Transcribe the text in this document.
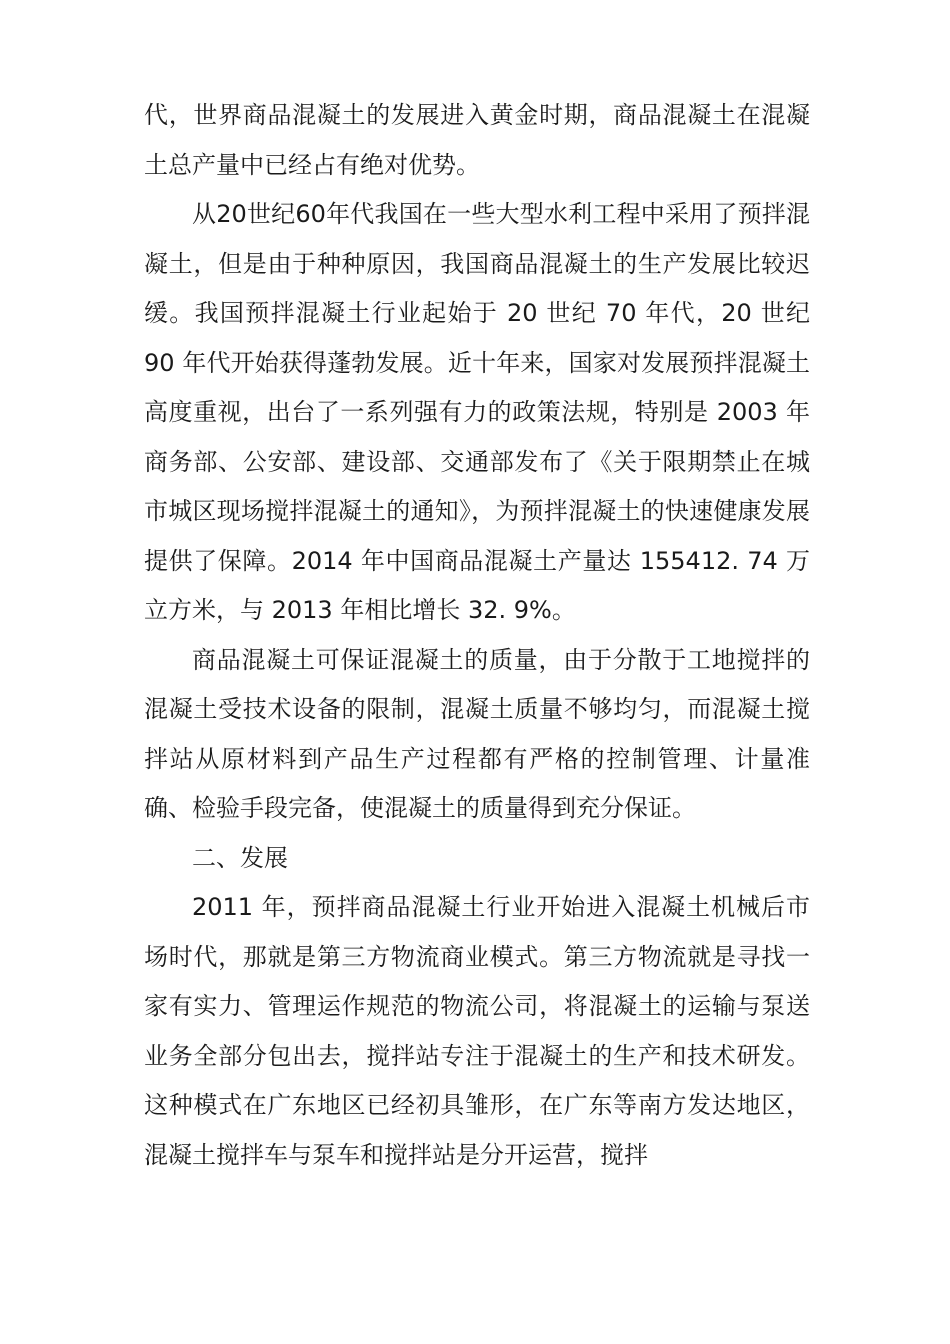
代，世界商品混凝土的发展进入黄金时期，商品混凝土在混凝土总产量中已经占有绝对优势。

从20世纪60年代我国在一些大型水利工程中采用了预拌混凝土，但是由于种种原因，我国商品混凝土的生产发展比较迟缓。我国预拌混凝土行业起始于 20 世纪 70 年代，20 世纪 90 年代开始获得蓬勃发展。近十年来，国家对发展预拌混凝土高度重视，出台了一系列强有力的政策法规，特别是 2003 年商务部、公安部、建设部、交通部发布了《关于限期禁止在城市城区现场搅拌混凝土的通知》，为预拌混凝土的快速健康发展提供了保障。2014 年中国商品混凝土产量达 155412. 74 万立方米，与 2013 年相比增长 32. 9%。

商品混凝土可保证混凝土的质量，由于分散于工地搅拌的混凝土受技术设备的限制，混凝土质量不够均匀，而混凝土搅拌站从原材料到产品生产过程都有严格的控制管理、计量准确、检验手段完备，使混凝土的质量得到充分保证。

二、发展

2011 年，预拌商品混凝土行业开始进入混凝土机械后市场时代，那就是第三方物流商业模式。第三方物流就是寻找一家有实力、管理运作规范的物流公司，将混凝土的运输与泵送业务全部分包出去，搅拌站专注于混凝土的生产和技术研发。这种模式在广东地区已经初具雏形，在广东等南方发达地区，混凝土搅拌车与泵车和搅拌站是分开运营，搅拌
